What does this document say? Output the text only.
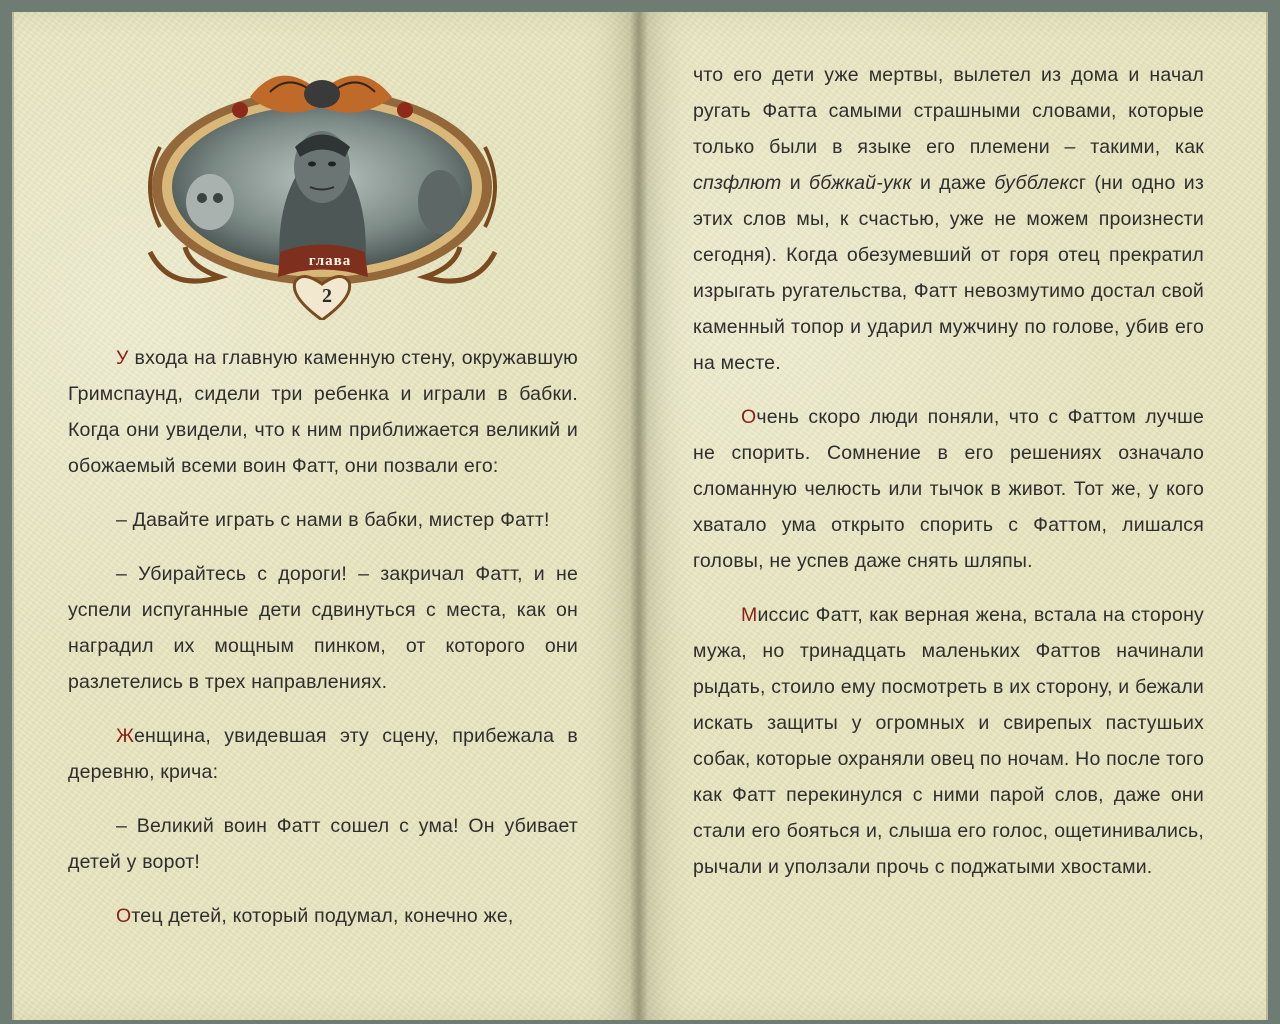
глава
2

У входа на главную каменную стену, окружавшую Гримспаунд, сидели три ребенка и играли в бабки. Когда они увидели, что к ним приближается великий и обожаемый всеми воин Фатт, они позвали его:

– Давайте играть с нами в бабки, мистер Фатт!

– Убирайтесь с дороги! – закричал Фатт, и не успели испуганные дети сдвинуться с места, как он наградил их мощным пинком, от которого они разлетелись в трех направлениях.

Женщина, увидевшая эту сцену, прибежала в деревню, крича:

– Великий воин Фатт сошел с ума! Он убивает детей у ворот!

Отец детей, который подумал, конечно же,

что его дети уже мертвы, вылетел из дома и начал ругать Фатта самыми страшными словами, которые только были в языке его племени – такими, как спзфлют и ббжкай-укк и даже бубблексг (ни одно из этих слов мы, к счастью, уже не можем произнести сегодня). Когда обезумевший от горя отец прекратил изрыгать ругательства, Фатт невозмутимо достал свой каменный топор и ударил мужчину по голове, убив его на месте.

Очень скоро люди поняли, что с Фаттом лучше не спорить. Сомнение в его решениях означало сломанную челюсть или тычок в живот. Тот же, у кого хватало ума открыто спорить с Фаттом, лишался головы, не успев даже снять шляпы.

Миссис Фатт, как верная жена, встала на сторону мужа, но тринадцать маленьких Фаттов начинали рыдать, стоило ему посмотреть в их сторону, и бежали искать защиты у огромных и свирепых пастушьих собак, которые охраняли овец по ночам. Но после того как Фатт перекинулся с ними парой слов, даже они стали его бояться и, слыша его голос, ощетинивались, рычали и уползали прочь с поджатыми хвостами.
